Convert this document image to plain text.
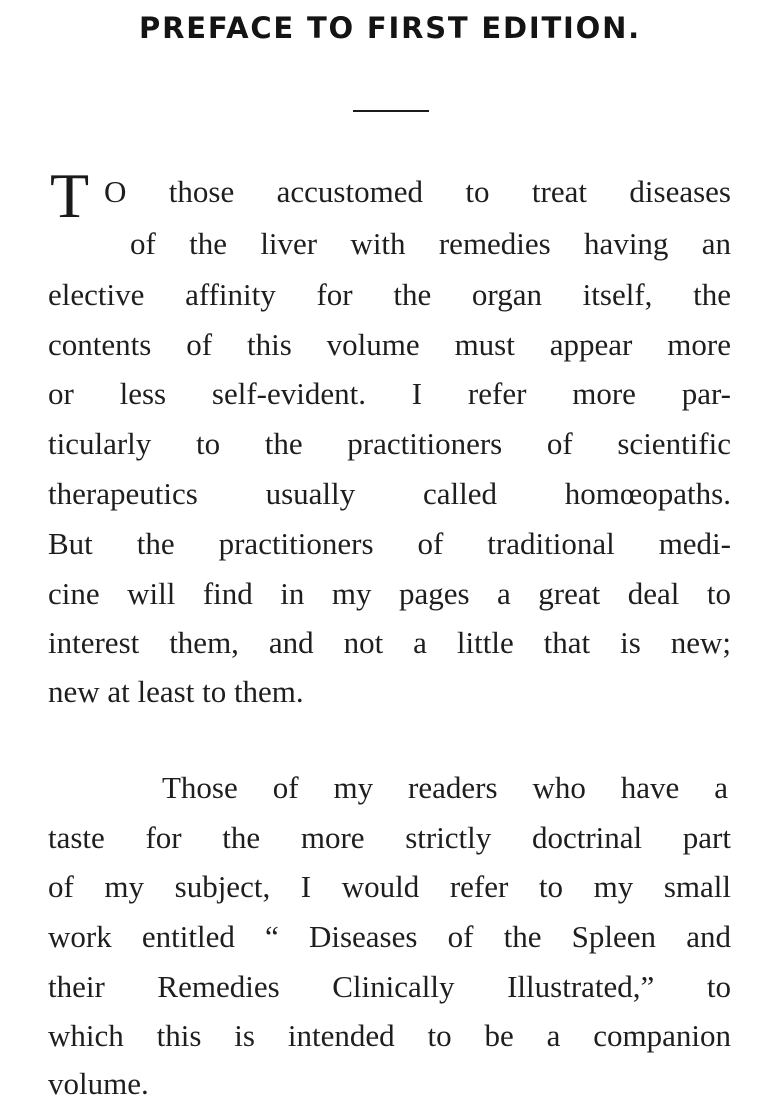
PREFACE TO FIRST EDITION.
T O those accustomed to treat diseases
of the liver with remedies having an
elective affinity for the organ itself, the
contents of this volume must appear more
or less self-evident. I refer more par-
ticularly to the practitioners of scientific
therapeutics usually called homœopaths.
But the practitioners of traditional medi-
cine will find in my pages a great deal to
interest them, and not a little that is new;
new at least to them.
Those of my readers who have a
taste for the more strictly doctrinal part
of my subject, I would refer to my small
work entitled “ Diseases of the Spleen and
their Remedies Clinically Illustrated,” to
which this is intended to be a companion
volume.
